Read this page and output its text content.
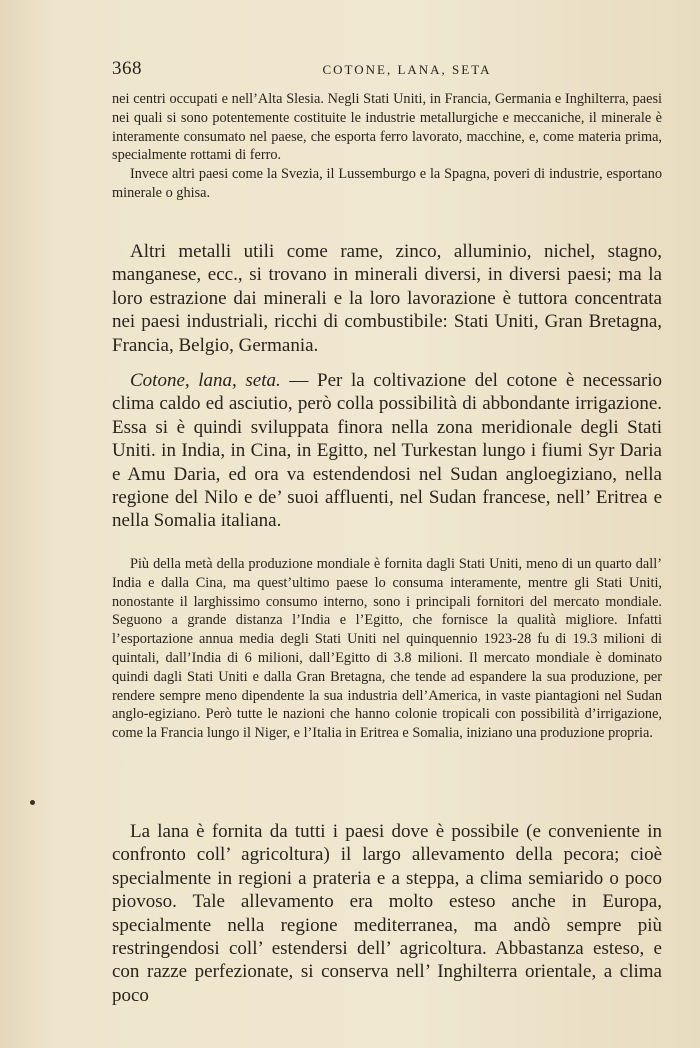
368	COTONE, LANA, SETA

nei centri occupati e nell’Alta Slesia. Negli Stati Uniti, in Francia, Germania e Inghilterra, paesi nei quali si sono potentemente costituite le industrie metallurgiche e meccaniche, il minerale è interamente consumato nel paese, che esporta ferro lavorato, macchine, e, come materia prima, specialmente rottami di ferro.

Invece altri paesi come la Svezia, il Lussemburgo e la Spagna, poveri di industrie, esportano minerale o ghisa.

Altri metalli utili come rame, zinco, alluminio, nichel, stagno, manganese, ecc., si trovano in minerali diversi, in diversi paesi; ma la loro estrazione dai minerali e la loro lavorazione è tuttora concentrata nei paesi industriali, ricchi di combustibile: Stati Uniti, Gran Bretagna, Francia, Belgio, Germania.

Cotone, lana, seta. — Per la coltivazione del cotone è necessario clima caldo ed asciutio, però colla possibilità di abbondante irrigazione. Essa si è quindi sviluppata finora nella zona meridionale degli Stati Uniti. in India, in Cina, in Egitto, nel Turkestan lungo i fiumi Syr Daria e Amu Daria, ed ora va estendendosi nel Sudan angloegiziano, nella regione del Nilo e de’ suoi affluenti, nel Sudan francese, nell’ Eritrea e nella Somalia italiana.

Più della metà della produzione mondiale è fornita dagli Stati Uniti, meno di un quarto dall’ India e dalla Cina, ma quest’ultimo paese lo consuma interamente, mentre gli Stati Uniti, nonostante il larghissimo consumo interno, sono i principali fornitori del mercato mondiale. Seguono a grande distanza l’India e l’Egitto, che fornisce la qualità migliore. Infatti l’esportazione annua media degli Stati Uniti nel quinquennio 1923-28 fu di 19.3 milioni di quintali, dall’India di 6 milioni, dall’Egitto di 3.8 milioni. Il mercato mondiale è dominato quindi dagli Stati Uniti e dalla Gran Bretagna, che tende ad espandere la sua produzione, per rendere sempre meno dipendente la sua industria dell’America, in vaste piantagioni nel Sudan anglo-egiziano. Però tutte le nazioni che hanno colonie tropicali con possibilità d’irrigazione, come la Francia lungo il Niger, e l’Italia in Eritrea e Somalia, iniziano una produzione propria.

La lana è fornita da tutti i paesi dove è possibile (e conveniente in confronto coll’ agricoltura) il largo allevamento della pecora; cioè specialmente in regioni a prateria e a steppa, a clima semiarido o poco piovoso. Tale allevamento era molto esteso anche in Europa, specialmente nella regione mediterranea, ma andò sempre più restringendosi coll’ estendersi dell’ agricoltura. Abbastanza esteso, e con razze perfezionate, si conserva nell’ Inghilterra orientale, a clima poco
